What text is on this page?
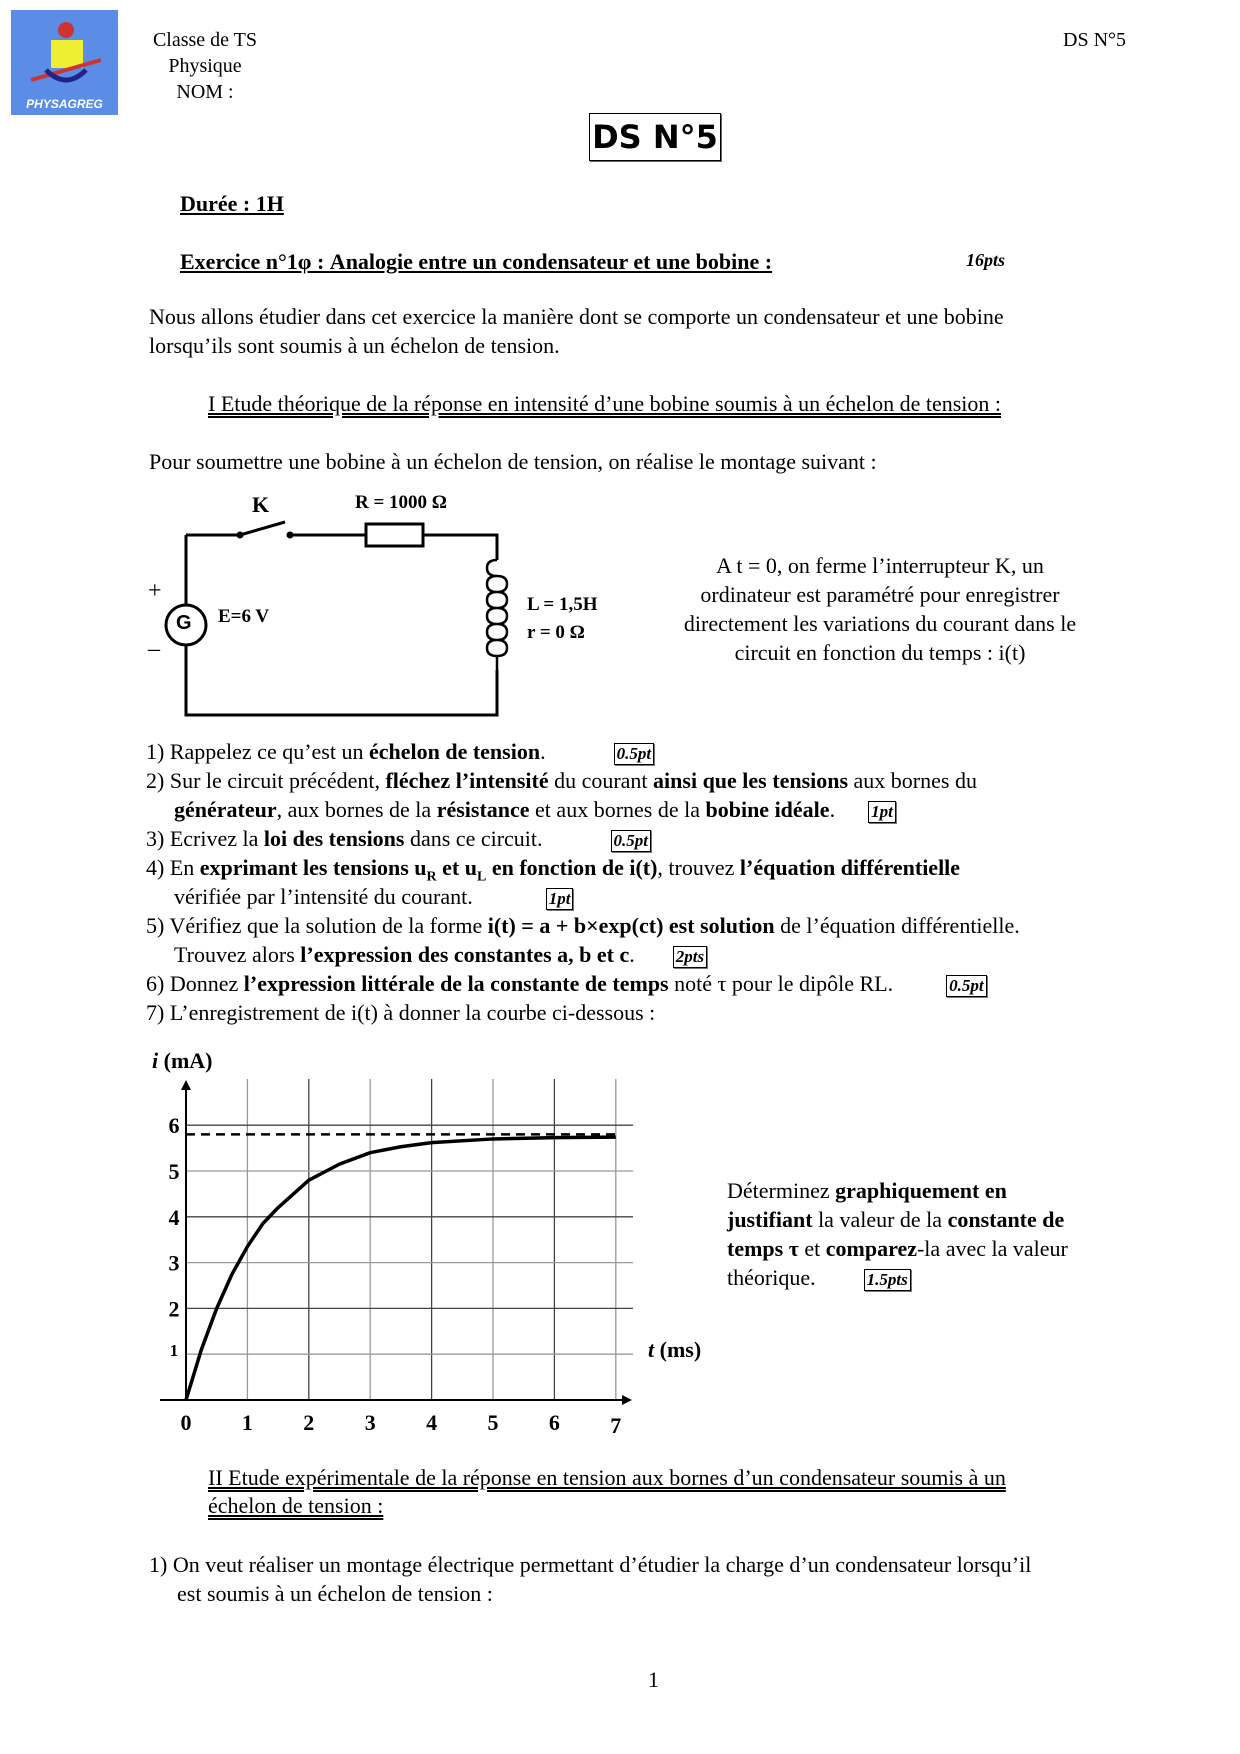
PHYSAGREG
Classe de TS
Physique
NOM :
DS N°5
DS N°5
Durée : 1H
Exercice n°1φ : Analogie entre un condensateur et une bobine :	16pts
Nous allons étudier dans cet exercice la manière dont se comporte un condensateur et une bobine
lorsqu’ils sont soumis à un échelon de tension.
I Etude théorique de la réponse en intensité d’une bobine soumis à un échelon de tension :
Pour soumettre une bobine à un échelon de tension, on réalise le montage suivant :
K	R = 1000 Ω
G E=6 V
+
–
L = 1,5H
r = 0 Ω
A t = 0, on ferme l’interrupteur K, un
ordinateur est paramétré pour enregistrer
directement les variations du courant dans le
circuit en fonction du temps : i(t)
1) Rappelez ce qu’est un échelon de tension.	0.5pt
2) Sur le circuit précédent, fléchez l’intensité du courant ainsi que les tensions aux bornes du
générateur, aux bornes de la résistance et aux bornes de la bobine idéale. 1pt
3) Ecrivez la loi des tensions dans ce circuit.	0.5pt
4) En exprimant les tensions $u_R$ et $u_L$ en fonction de i(t), trouvez l’équation différentielle
vérifiée par l’intensité du courant.	1pt
5) Vérifiez que la solution de la forme i(t) = a + b×exp(ct) est solution de l’équation différentielle.
Trouvez alors l’expression des constantes a, b et c. 2pts
6) Donnez l’expression littérale de la constante de temps noté τ pour le dipôle RL.	0.5pt
7) L’enregistrement de i(t) à donner la courbe ci-dessous :
0 1 2 3 4 5 6 7
1
2
3
4
5
6
i (mA)
t (ms)
Déterminez graphiquement en
justifiant la valeur de la constante de
temps τ et comparez-la avec la valeur
théorique.	1.5pts
II Etude expérimentale de la réponse en tension aux bornes d’un condensateur soumis à un
échelon de tension :
1) On veut réaliser un montage électrique permettant d’étudier la charge d’un condensateur lorsqu’il
est soumis à un échelon de tension :
1
